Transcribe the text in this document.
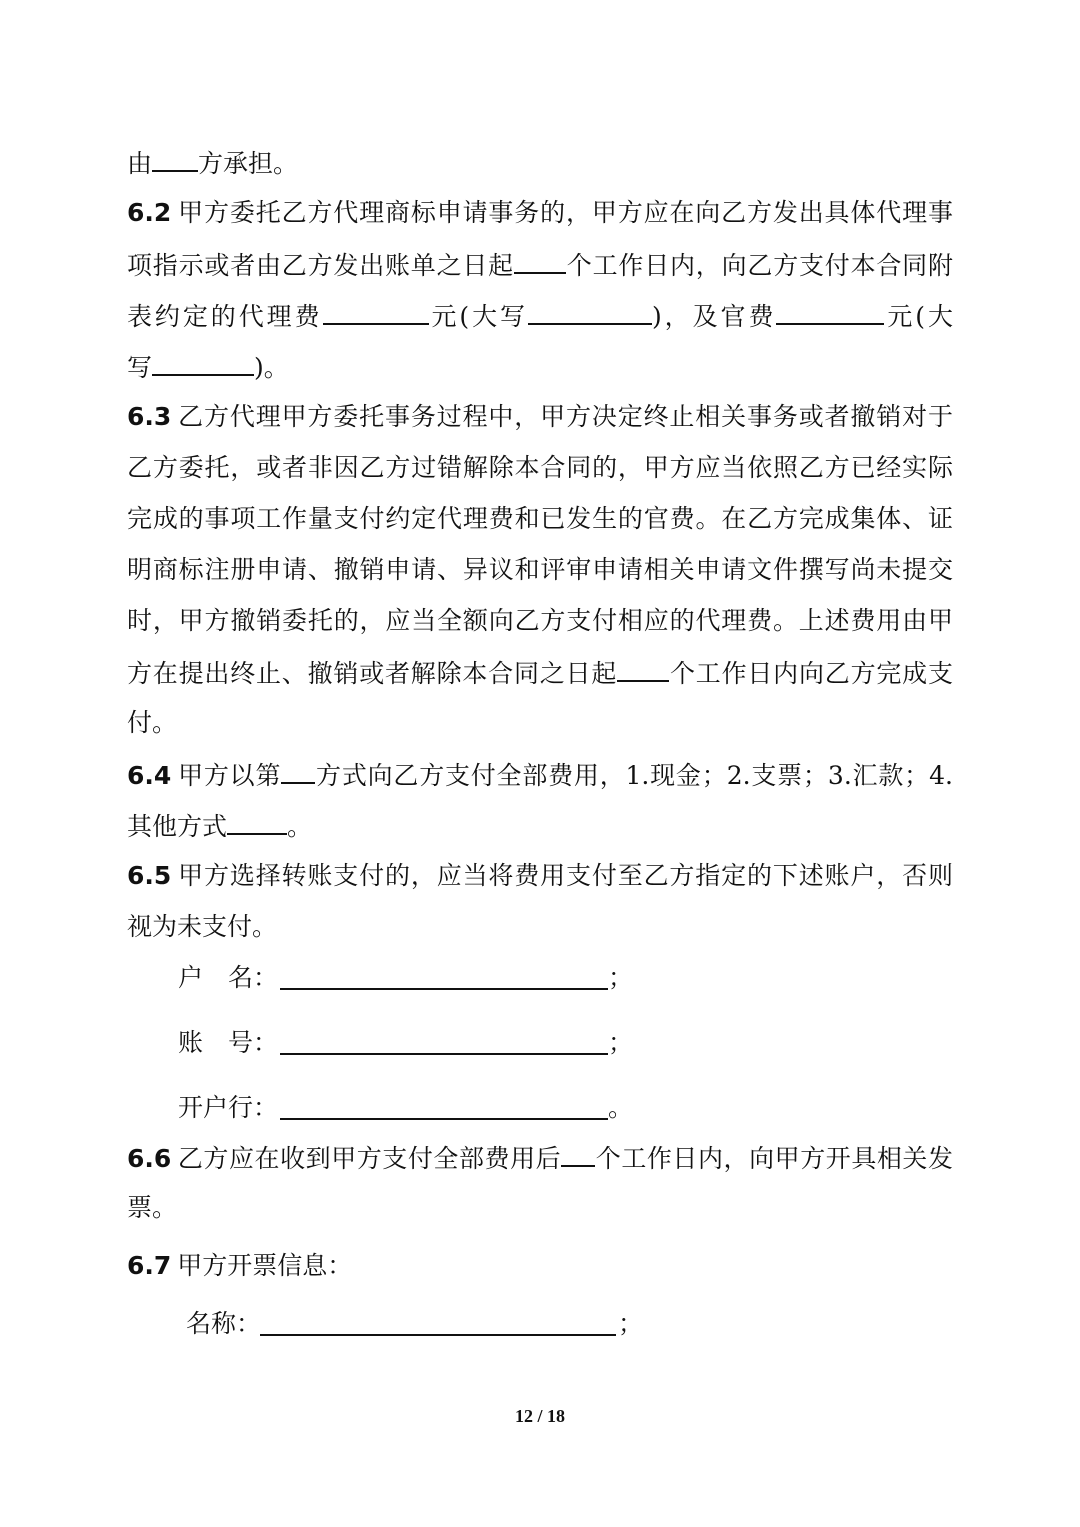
由 方承担。
6.2 甲方委托乙方代理商标申请事务的，甲方应在向乙方发出具体代理事
项指示或者由乙方发出账单之日起 个工作日内，向乙方支付本合同附
表约定的代理费	元(大写	)，及官费	元(大
写	)。
6.3 乙方代理甲方委托事务过程中，甲方决定终止相关事务或者撤销对于
乙方委托，或者非因乙方过错解除本合同的，甲方应当依照乙方已经实际
完成的事项工作量支付约定代理费和已发生的官费。在乙方完成集体、证
明商标注册申请、撤销申请、异议和评审申请相关申请文件撰写尚未提交
时，甲方撤销委托的，应当全额向乙方支付相应的代理费。上述费用由甲
方在提出终止、撤销或者解除本合同之日起 个工作日内向乙方完成支
付。
6.4 甲方以第 方式向乙方支付全部费用，1.现金；2.支票；3.汇款；4.
其他方式 。
6.5 甲方选择转账支付的，应当将费用支付至乙方指定的下述账户，否则
视为未支付。
户　名：	；
账　号：	；
开户行：	。
6.6 乙方应在收到甲方支付全部费用后 个工作日内，向甲方开具相关发
票。
6.7 甲方开票信息：
名称：	；
12 / 18
